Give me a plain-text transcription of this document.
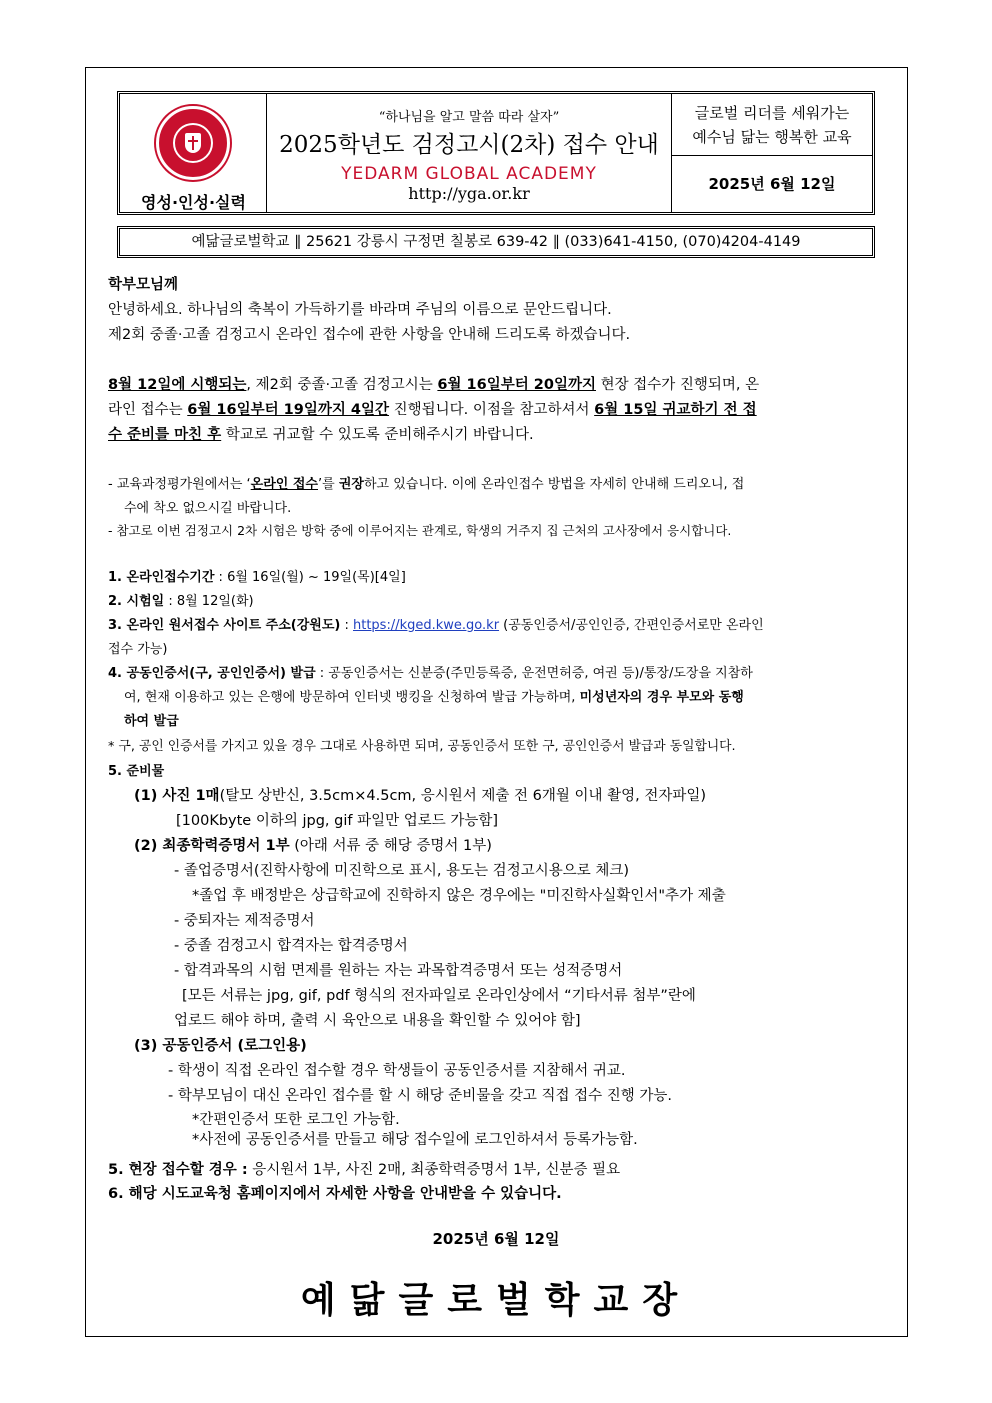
영성·인성·실력
“하나님을 알고 말씀 따라 살자”
2025학년도 검정고시(2차) 접수 안내
YEDARM GLOBAL ACADEMY
http://yga.or.kr
글로벌 리더를 세워가는
예수님 닮는 행복한 교육
2025년 6월 12일
예닮글로벌학교 ∥ 25621 강릉시 구정면 칠봉로 639-42 ∥ (033)641-4150, (070)4204-4149
학부모님께
안녕하세요. 하나님의 축복이 가득하기를 바라며 주님의 이름으로 문안드립니다.
제2회 중졸·고졸 검정고시 온라인 접수에 관한 사항을 안내해 드리도록 하겠습니다.
8월 12일에 시행되는, 제2회 중졸·고졸 검정고시는 6월 16일부터 20일까지 현장 접수가 진행되며, 온
라인 접수는 6월 16일부터 19일까지 4일간 진행됩니다. 이점을 참고하셔서 6월 15일 귀교하기 전 접
수 준비를 마친 후 학교로 귀교할 수 있도록 준비해주시기 바랍니다.
- 교육과정평가원에서는 ‘온라인 접수’를 권장하고 있습니다. 이에 온라인접수 방법을 자세히 안내해 드리오니, 접
수에 착오 없으시길 바랍니다.
- 참고로 이번 검정고시 2차 시험은 방학 중에 이루어지는 관계로, 학생의 거주지 집 근처의 고사장에서 응시합니다.
1. 온라인접수기간 : 6월 16일(월) ~ 19일(목)[4일]
2. 시험일 : 8월 12일(화)
3. 온라인 원서접수 사이트 주소(강원도) : https://kged.kwe.go.kr (공동인증서/공인인증, 간편인증서로만 온라인
접수 가능)
4. 공동인증서(구, 공인인증서) 발급 : 공동인증서는 신분증(주민등록증, 운전면허증, 여권 등)/통장/도장을 지참하
여, 현재 이용하고 있는 은행에 방문하여 인터넷 뱅킹을 신청하여 발급 가능하며, 미성년자의 경우 부모와 동행
하여 발급
* 구, 공인 인증서를 가지고 있을 경우 그대로 사용하면 되며, 공동인증서 또한 구, 공인인증서 발급과 동일합니다.
5. 준비물
(1) 사진 1매(탈모 상반신, 3.5cm×4.5cm, 응시원서 제출 전 6개월 이내 촬영, 전자파일)
[100Kbyte 이하의 jpg, gif 파일만 업로드 가능함]
(2) 최종학력증명서 1부 (아래 서류 중 해당 증명서 1부)
- 졸업증명서(진학사항에 미진학으로 표시, 용도는 검정고시용으로 체크)
*졸업 후 배정받은 상급학교에 진학하지 않은 경우에는 "미진학사실확인서"추가 제출
- 중퇴자는 제적증명서
- 중졸 검정고시 합격자는 합격증명서
- 합격과목의 시험 면제를 원하는 자는 과목합격증명서 또는 성적증명서
[모든 서류는 jpg, gif, pdf 형식의 전자파일로 온라인상에서 “기타서류 첨부”란에
업로드 해야 하며, 출력 시 육안으로 내용을 확인할 수 있어야 함]
(3) 공동인증서 (로그인용)
- 학생이 직접 온라인 접수할 경우 학생들이 공동인증서를 지참해서 귀교.
- 학부모님이 대신 온라인 접수를 할 시 해당 준비물을 갖고 직접 접수 진행 가능.
*간편인증서 또한 로그인 가능함.
*사전에 공동인증서를 만들고 해당 접수일에 로그인하셔서 등록가능함.
5. 현장 접수할 경우 : 응시원서 1부, 사진 2매, 최종학력증명서 1부, 신분증 필요
6. 해당 시도교육청 홈페이지에서 자세한 사항을 안내받을 수 있습니다.
2025년 6월 12일
예닮글로벌학교장
